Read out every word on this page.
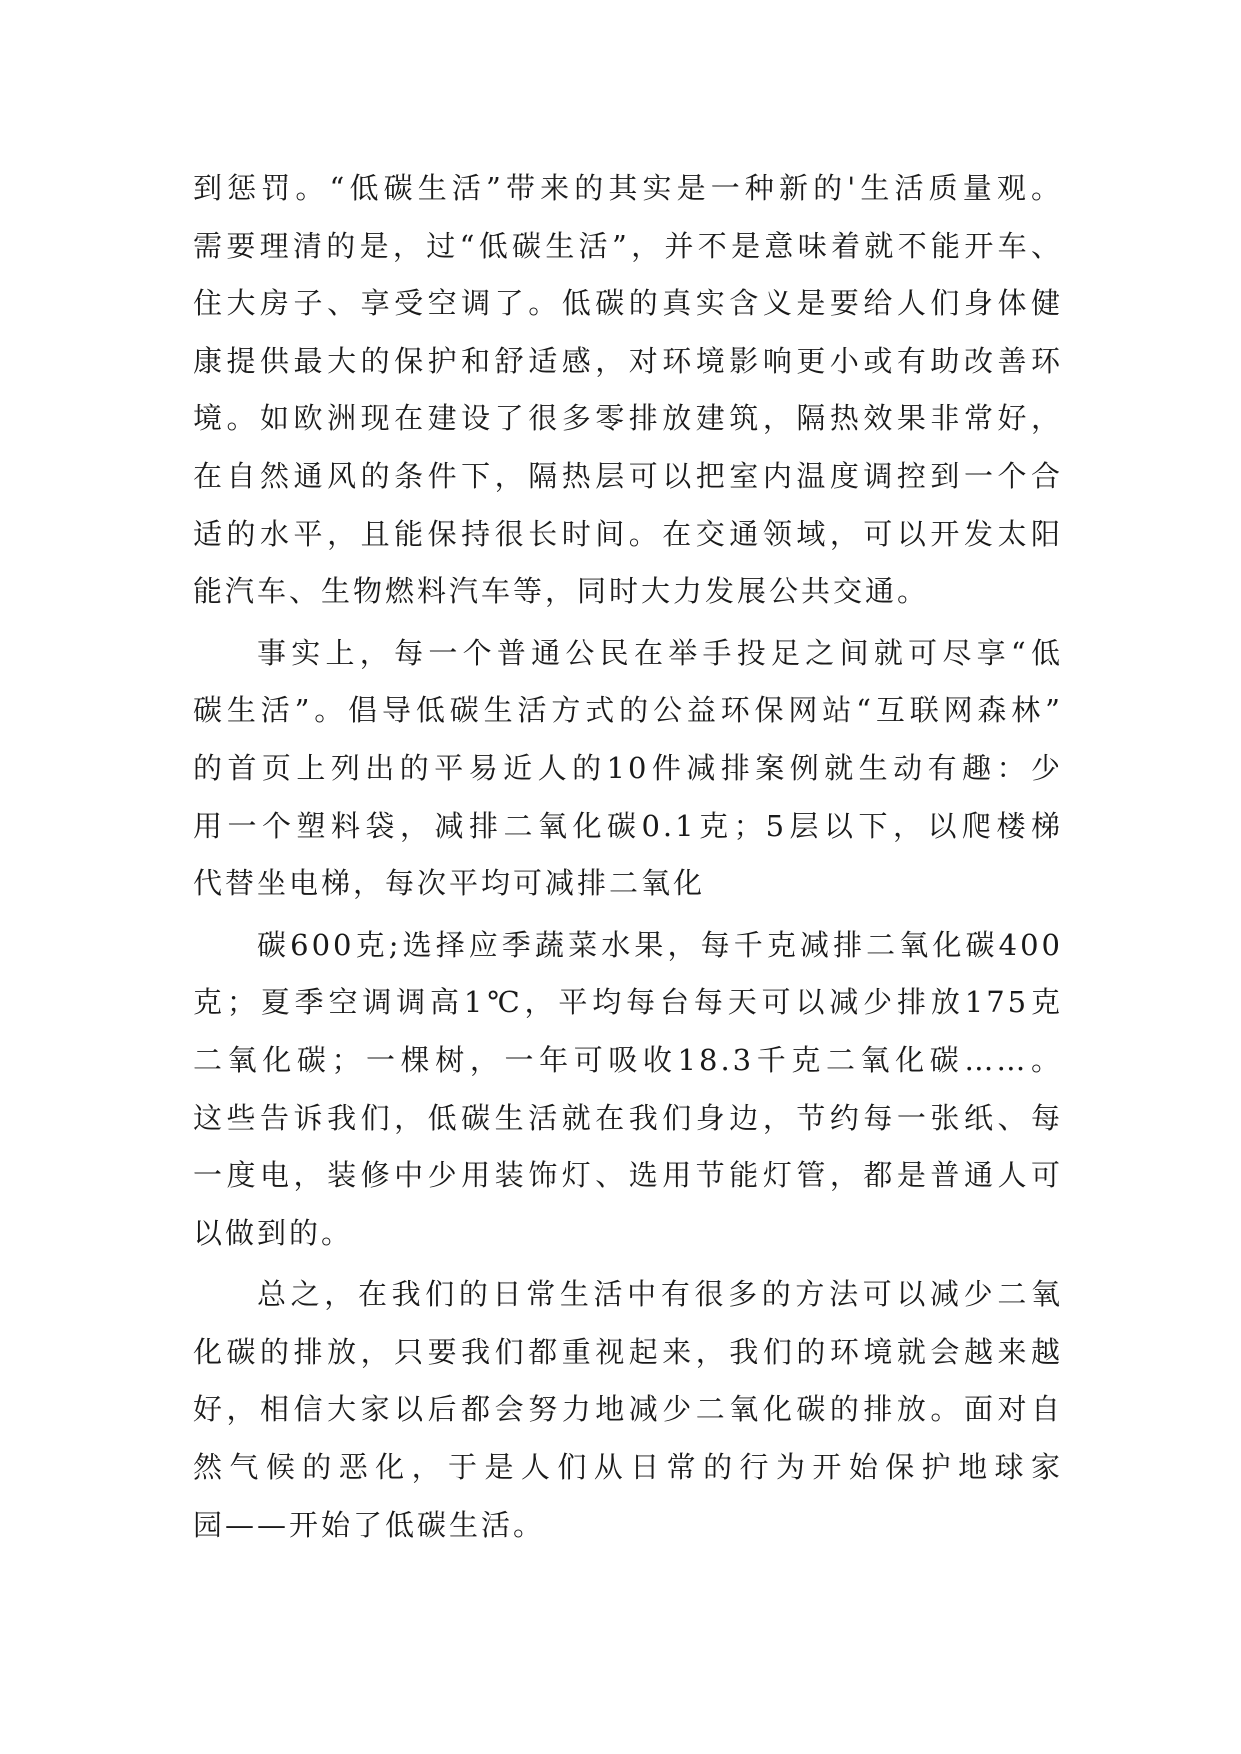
到惩罚。“低碳生活”带来的其实是一种新的'生活质量观。
需要理清的是，过“低碳生活”，并不是意味着就不能开车、
住大房子、享受空调了。低碳的真实含义是要给人们身体健
康提供最大的保护和舒适感，对环境影响更小或有助改善环
境。如欧洲现在建设了很多零排放建筑，隔热效果非常好，
在自然通风的条件下，隔热层可以把室内温度调控到一个合
适的水平，且能保持很长时间。在交通领域，可以开发太阳
能汽车、生物燃料汽车等，同时大力发展公共交通。
事实上，每一个普通公民在举手投足之间就可尽享“低
碳生活”。倡导低碳生活方式的公益环保网站“互联网森林”
的首页上列出的平易近人的10件减排案例就生动有趣：少
用一个塑料袋，减排二氧化碳0.1克；5层以下，以爬楼梯
代替坐电梯，每次平均可减排二氧化
碳600克;选择应季蔬菜水果，每千克减排二氧化碳400
克；夏季空调调高1℃，平均每台每天可以减少排放175克
二氧化碳；一棵树，一年可吸收18.3千克二氧化碳……。
这些告诉我们，低碳生活就在我们身边，节约每一张纸、每
一度电，装修中少用装饰灯、选用节能灯管，都是普通人可
以做到的。
总之，在我们的日常生活中有很多的方法可以减少二氧
化碳的排放，只要我们都重视起来，我们的环境就会越来越
好，相信大家以后都会努力地减少二氧化碳的排放。面对自
然气候的恶化，于是人们从日常的行为开始保护地球家
园——开始了低碳生活。
